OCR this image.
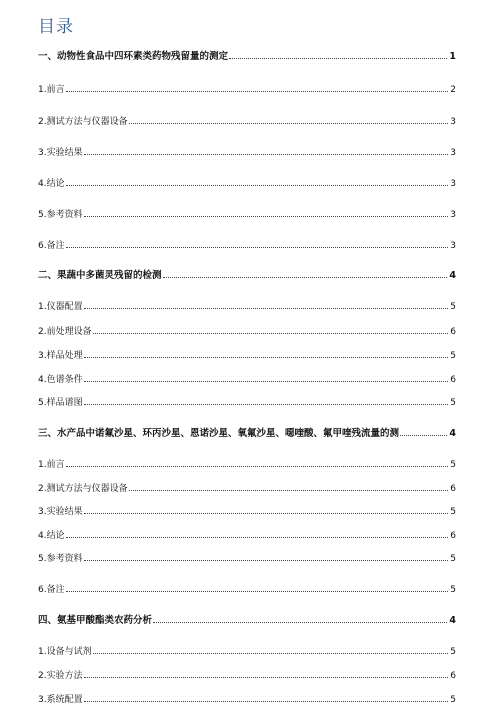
目录
一、动物性食品中四环素类药物残留量的测定	1
1.前言	2
2.测试方法与仪器设备	3
3.实验结果	3
4.结论	3
5.参考资料	3
6.备注	3
二、果蔬中多菌灵残留的检测	4
1.仪器配置	5
2.前处理设备	6
3.样品处理	5
4.色谱条件	6
5.样品谱图	5
三、水产品中诺氟沙星、环丙沙星、恩诺沙星、氧氟沙星、噁喹酸、氟甲喹残流量的测	4
1.前言	5
2.测试方法与仪器设备	6
3.实验结果	5
4.结论	6
5.参考资料	5
6.备注	5
四、氨基甲酸酯类农药分析	4
1.设备与试剂	5
2.实验方法	6
3.系统配置	5
